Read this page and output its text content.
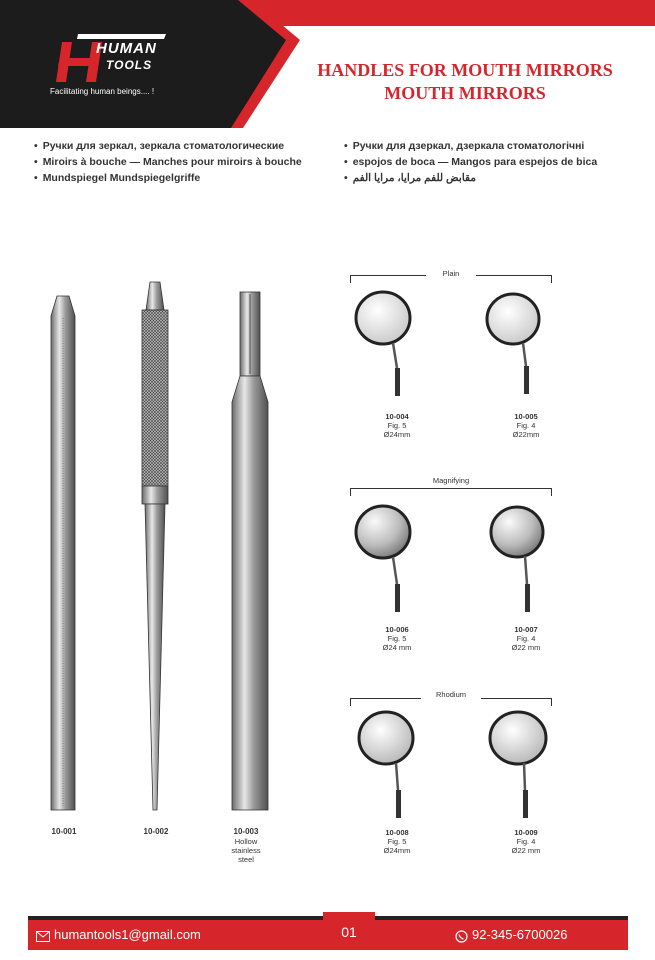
HUMAN
TOOLS
Facilitating human beings.... !
HANDLES FOR MOUTH MIRRORS
MOUTH MIRRORS
• Ручки для зеркал, зеркала стоматологические
• Miroirs à bouche — Manches pour miroirs à bouche
• Mundspiegel Mundspiegelgriffe
• Ручки для дзеркал, дзеркала стоматологічні
• espojos de boca — Mangos para espejos de bica
• مقابض للفم مرايا، مرايا الفم
10-001	10-002	10-003
Hollow
stainless
steel
Plain
10-004
Fig. 5
Ø24mm
10-005
Fig. 4
Ø22mm
Magnifying
10-006
Fig. 5
Ø24 mm
10-007
Fig. 4
Ø22 mm
Rhodium
10-008
Fig. 5
Ø24mm
10-009
Fig. 4
Ø22 mm
humantools1@gmail.com	01	92-345-6700026
